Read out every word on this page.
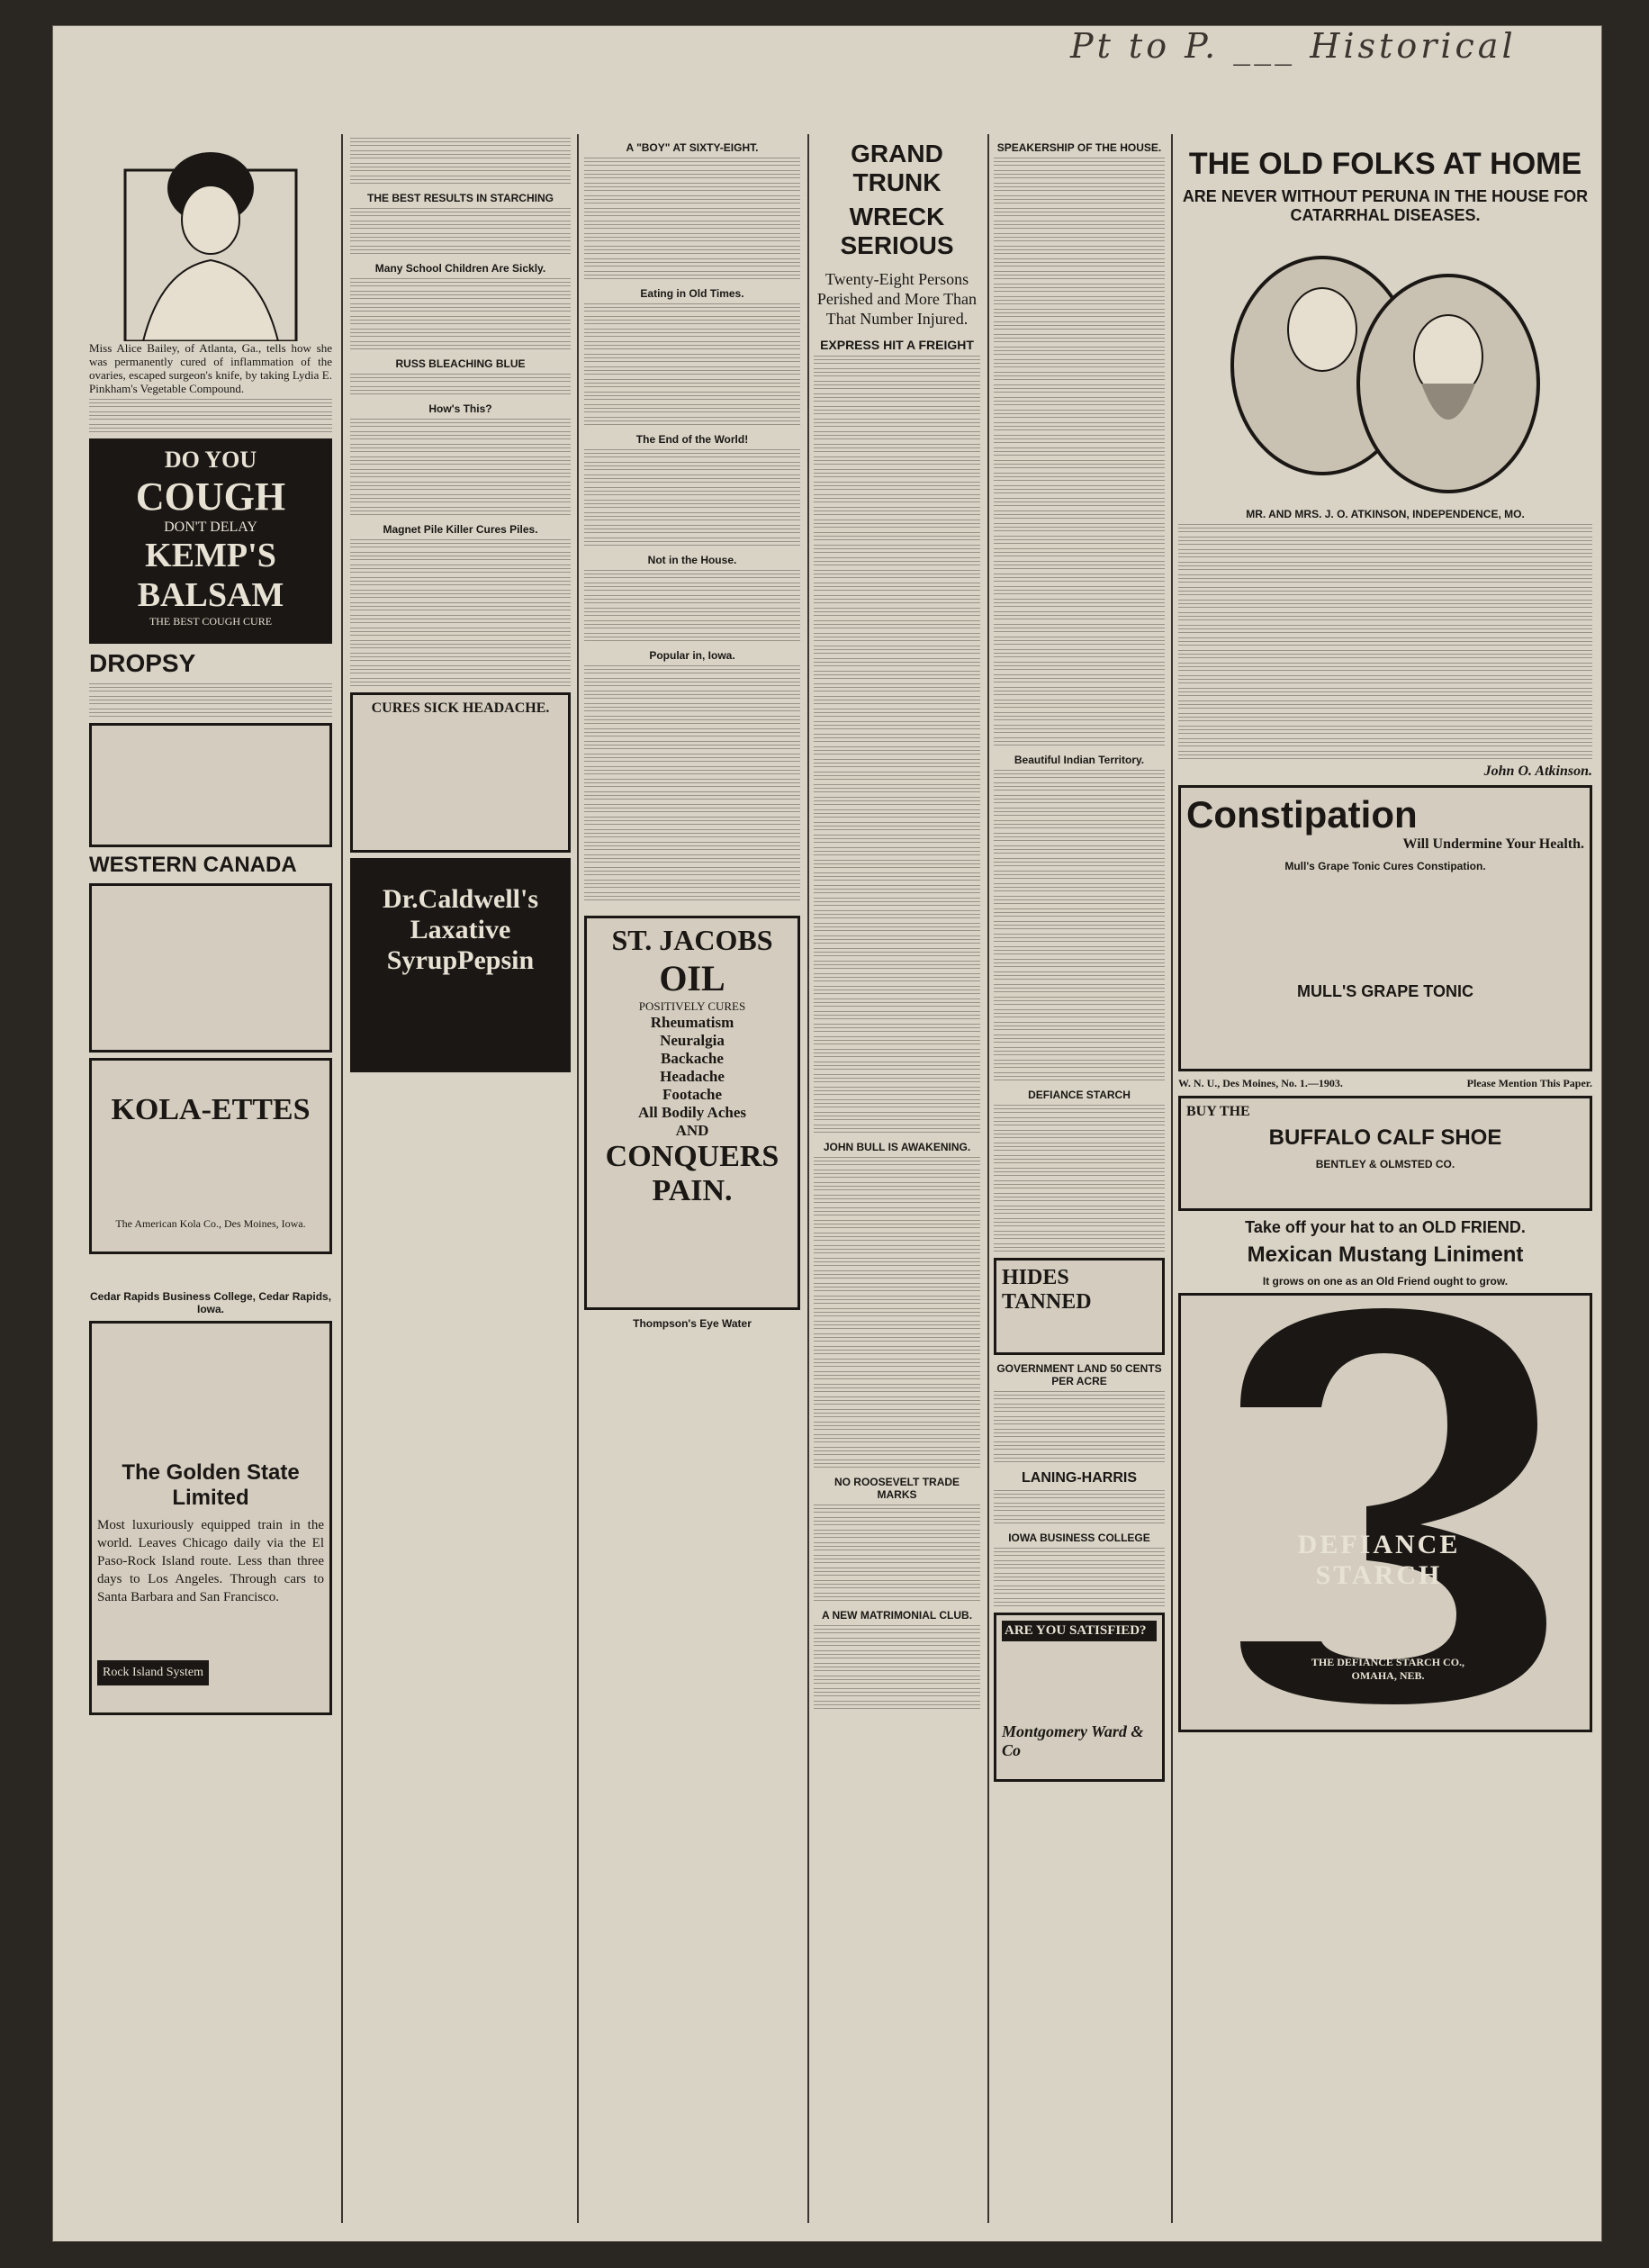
Pt to P. ___ Historical
Miss Alice Bailey, of Atlanta, Ga., tells how she was permanently cured of inflammation of the ovaries, escaped surgeon's knife, by taking Lydia E. Pinkham's Vegetable Compound.
DO YOU
COUGH
DON'T DELAY
KEMP'S
BALSAM
THE BEST COUGH CURE
DROPSY
WESTERN CANADA
KOLA-ETTES
The American Kola Co., Des Moines, Iowa.
Cedar Rapids Business College, Cedar Rapids, Iowa.
The Golden State Limited
Most luxuriously equipped train in the world. Leaves Chicago daily via the El Paso-Rock Island route. Less than three days to Los Angeles. Through cars to Santa Barbara and San Francisco.
Rock Island System
THE BEST RESULTS IN STARCHING
Many School Children Are Sickly.
RUSS BLEACHING BLUE
How's This?
Magnet Pile Killer Cures Piles.
CURES SICK HEADACHE.
Dr.Caldwell's
Laxative
SyrupPepsin
A "BOY" AT SIXTY-EIGHT.
Eating in Old Times.
The End of the World!
Not in the House.
Popular in, Iowa.
ST. JACOBS
OIL
POSITIVELY CURES
Rheumatism
Neuralgia
Backache
Headache
Footache
All Bodily Aches
AND
CONQUERS
PAIN.
Thompson's Eye Water
GRAND TRUNK
WRECK SERIOUS
Twenty-Eight Persons Perished and More Than That Number Injured.
EXPRESS HIT A FREIGHT
JOHN BULL IS AWAKENING.
NO ROOSEVELT TRADE MARKS
A NEW MATRIMONIAL CLUB.
SPEAKERSHIP OF THE HOUSE.
Beautiful Indian Territory.
DEFIANCE STARCH
HIDES TANNED
GOVERNMENT LAND 50 CENTS PER ACRE
LANING-HARRIS
IOWA BUSINESS COLLEGE
ARE YOU SATISFIED?
Montgomery Ward & Co
THE OLD FOLKS AT HOME
ARE NEVER WITHOUT PERUNA IN THE HOUSE FOR CATARRHAL DISEASES.
MR. AND MRS. J. O. ATKINSON, INDEPENDENCE, MO.
John O. Atkinson.
Constipation
Will Undermine Your Health.
Mull's Grape Tonic Cures Constipation.
MULL'S GRAPE TONIC
W. N. U., Des Moines, No. 1.—1903.	Please Mention This Paper.
BUY THE
BUFFALO CALF SHOE
BENTLEY & OLMSTED CO.
Take off your hat to an OLD FRIEND.
Mexican Mustang Liniment
It grows on one as an Old Friend ought to grow.
DEFIANCE
STARCH
THE DEFIANCE STARCH CO.,
OMAHA, NEB.
